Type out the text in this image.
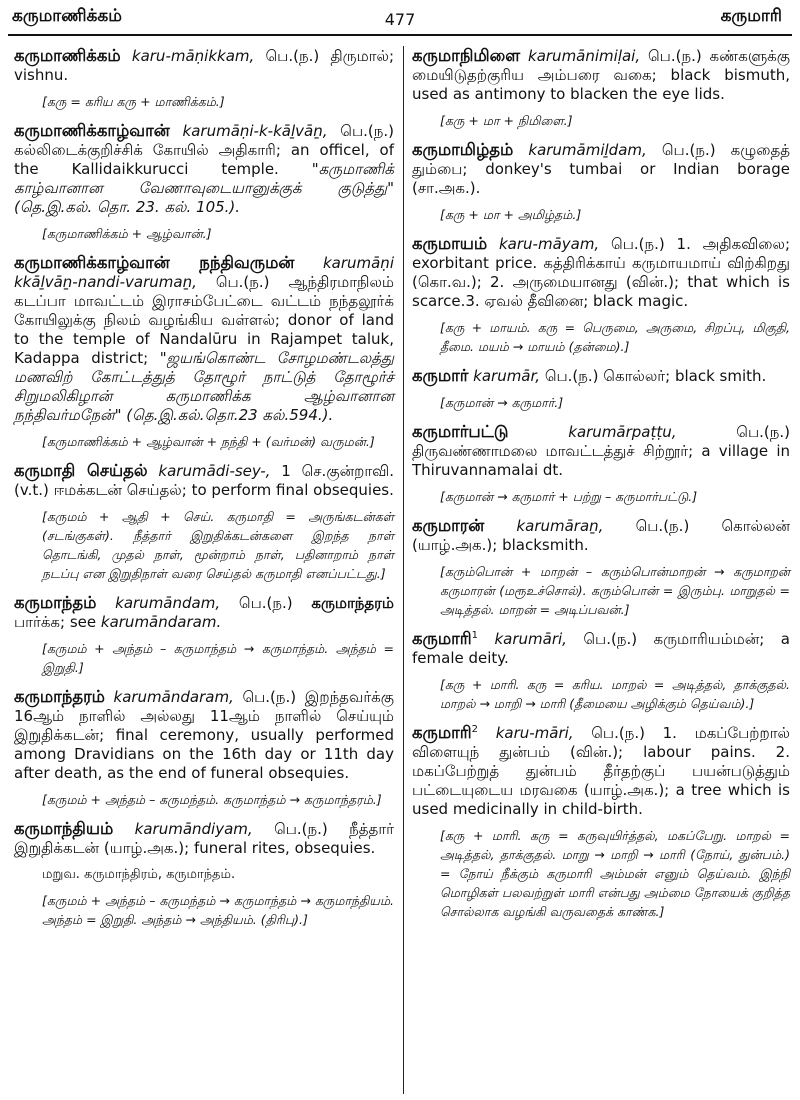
கருமாணிக்கம்	477	கருமாரி

கருமாணிக்கம் karu-māṇikkam, பெ.(ந.) திருமால்; vishnu.

[கரு = கரிய கரு + மாணிக்கம்.]

கருமாணிக்காழ்வான் karumāṇi-k-kāḻvāṉ, பெ.(ந.) கல்லிடைக்குறிச்சிக் கோயில் அதிகாரி; an officel, of the Kallidaikkurucci temple. "கருமாணிக் காழ்வானான வேணாவுடையானுக்குக் குடுத்து" (தெ.இ.கல். தொ. 23. கல். 105.).

[கருமாணிக்கம் + ஆழ்வான்.]

கருமாணிக்காழ்வான் நந்திவருமன் karumāṇi kkāḻvāṉ-nandi-varumaṉ, பெ.(ந.) ஆந்திரமாநிலம் கடப்பா மாவட்டம் இராசம்பேட்டை வட்டம் நந்தலூர்க் கோயிலுக்கு நிலம் வழங்கிய வள்ளல்; donor of land to the temple of Nandalūru in Rajampet taluk, Kadappa district; "ஜயங்கொண்ட சோழமண்டலத்து மணவிற் கோட்டத்துத் தோழூர் நாட்டுத் தோழூர்ச் சிறுமலிகிழான் கருமாணிக்க ஆழ்வானான நந்திவர்மநேன்" (தெ.இ.கல்.தொ.23 கல்.594.).

[கருமாணிக்கம் + ஆழ்வான் + நந்தி + (வர்மன்) வருமன்.]

கருமாதி செய்தல் karumādi-sey-, 1 செ.குன்றாவி. (v.t.) ஈமக்கடன் செய்தல்; to perform final obsequies.

[கருமம் + ஆதி + செய். கருமாதி = அருங்கடன்கள் (சடங்குகள்). நீத்தார் இறுதிக்கடன்களை இறந்த நாள் தொடங்கி, முதல் நாள், மூன்றாம் நாள், பதினாறாம் நாள் நடப்பு என இறுதிநாள் வரை செய்தல் கருமாதி எனப்பட்டது.]

கருமாந்தம் karumāndam, பெ.(ந.) கருமாந்தரம் பார்க்க; see karumāndaram.

[கருமம் + அந்தம் – கருமாந்தம் → கருமாந்தம். அந்தம் = இறுதி.]

கருமாந்தரம் karumāndaram, பெ.(ந.) இறந்தவர்க்கு 16ஆம் நாளில் அல்லது 11ஆம் நாளில் செய்யும் இறுதிக்கடன்; final ceremony, usually performed among Dravidians on the 16th day or 11th day after death, as the end of funeral obsequies.

[கருமம் + அந்தம் – கருமந்தம். கருமாந்தம் → கருமாந்தரம்.]

கருமாந்தியம் karumāndiyam, பெ.(ந.) நீத்தார் இறுதிக்கடன் (யாழ்.அக.); funeral rites, obsequies.

மறுவ. கருமாந்திரம், கருமாந்தம்.
[கருமம் + அந்தம் – கருமந்தம் → கருமாந்தம் → கருமாந்தியம். அந்தம் = இறுதி. அந்தம் → அந்தியம். (திரிபு).]

கருமாநிமிளை karumānimiḷai, பெ.(ந.) கண்களுக்கு மையிடுதற்குரிய அம்பரை வகை; black bismuth, used as antimony to blacken the eye lids.

[கரு + மா + நிமிளை.]

கருமாமிழ்தம் karumāmiḻdam, பெ.(ந.) கழுதைத் தும்பை; donkey's tumbai or Indian borage (சா.அக.).

[கரு + மா + அமிழ்தம்.]

கருமாயம் karu-māyam, பெ.(ந.) 1. அதிகவிலை; exorbitant price. கத்திரிக்காய் கருமாயமாய் விற்கிறது (கொ.வ.); 2. அருமையானது (வின்.); that which is scarce.3. ஏவல் தீவினை; black magic.

[கரு + மாயம். கரு = பெருமை, அருமை, சிறப்பு, மிகுதி, தீமை. மயம் → மாயம் (தன்மை).]

கருமார் karumār, பெ.(ந.) கொல்லர்; black smith.

[கருமான் → கருமார்.]

கருமார்பட்டு karumārpaṭṭu, பெ.(ந.) திருவண்ணாமலை மாவட்டத்துச் சிற்றூர்; a village in Thiruvannamalai dt.

[கருமான் → கருமார் + பற்று – கருமார்பட்டு.]

கருமாரன் karumāraṉ, பெ.(ந.) கொல்லன் (யாழ்.அக.); blacksmith.

[கரும்பொன் + மாறன் – கரும்பொன்மாறன் → கருமாறன் கருமாரன் (மரூஉச்சொல்). கரும்பொன் = இரும்பு. மாறுதல் = அடித்தல். மாறன் = அடிப்பவன்.]

கருமாரி$^1$ karumāri, பெ.(ந.) கருமாரியம்மன்; a female deity.

[கரு + மாரி. கரு = கரிய. மாறல் = அடித்தல், தாக்குதல். மாறல் → மாறி → மாரி (தீமையை அழிக்கும் தெய்வம்).]

கருமாரி$^2$ karu-māri, பெ.(ந.) 1. மகப்பேற்றால் விளையுந் துன்பம் (வின்.); labour pains. 2. மகப்பேற்றுத் துன்பம் தீர்தற்குப் பயன்படுத்தும் பட்டையுடைய மரவகை (யாழ்.அக.); a tree which is used medicinally in child-birth.

[கரு + மாரி. கரு = கருவுயிர்த்தல், மகப்பேறு. மாறல் = அடித்தல், தாக்குதல். மாறு → மாறி → மாரி (நோய், துன்பம்.) = நோய் நீக்கும் கருமாரி அம்மன் எனும் தெய்வம். இந்நி மொழிகள் பலவற்றுள் மாரி என்பது அம்மை நோயைக் குறித்த சொல்லாக வழங்கி வருவதைக் காண்க.]
